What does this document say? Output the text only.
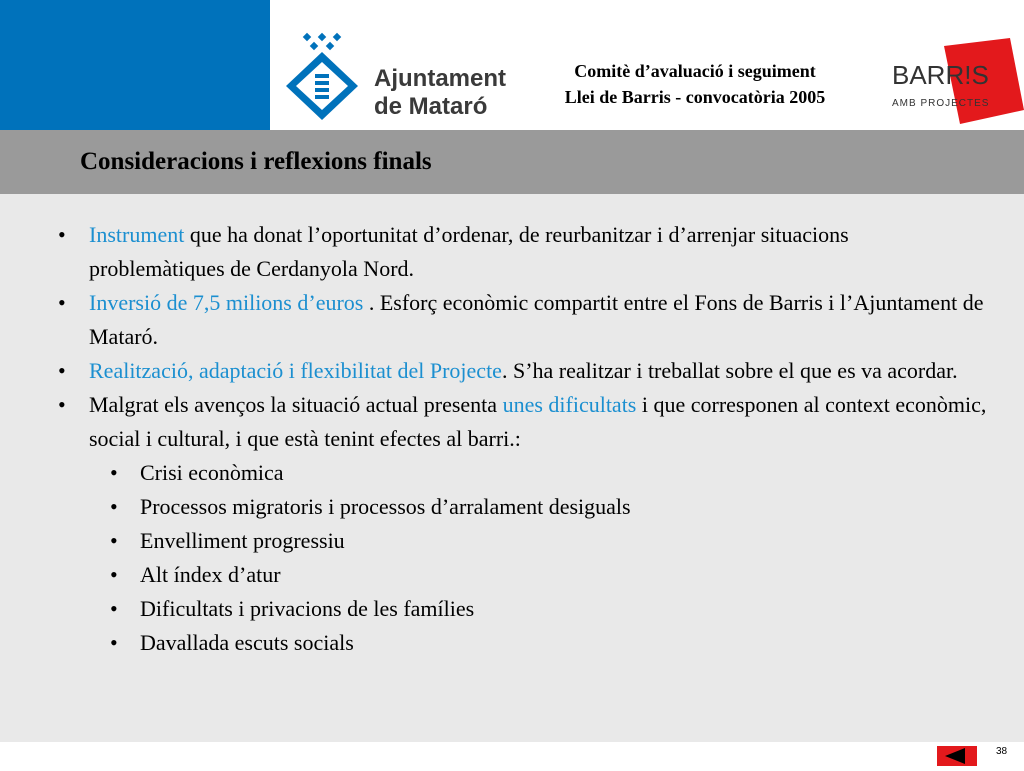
Ajuntament
de Mataró
Comitè d’avaluació i seguiment
Llei de Barris - convocatòria 2005
BARR!S
AMB PROJECTES
Consideracions i reflexions finals
• Instrument que ha donat l’oportunitat d’ordenar, de reurbanitzar i d’arrenjar situacions problemàtiques de Cerdanyola Nord.
• Inversió de 7,5 milions d’euros . Esforç econòmic compartit entre el Fons de Barris i l’Ajuntament de Mataró.
• Realització, adaptació i flexibilitat del Projecte. S’ha realitzar i treballat sobre el que es va acordar.
• Malgrat els avenços la situació actual presenta unes dificultats i que corresponen al context econòmic, social i cultural, i que està tenint efectes al barri.:
• Crisi econòmica
• Processos migratoris i processos d’arralament desiguals
• Envelliment progressiu
• Alt índex d’atur
• Dificultats i privacions de les famílies
• Davallada escuts socials
38
